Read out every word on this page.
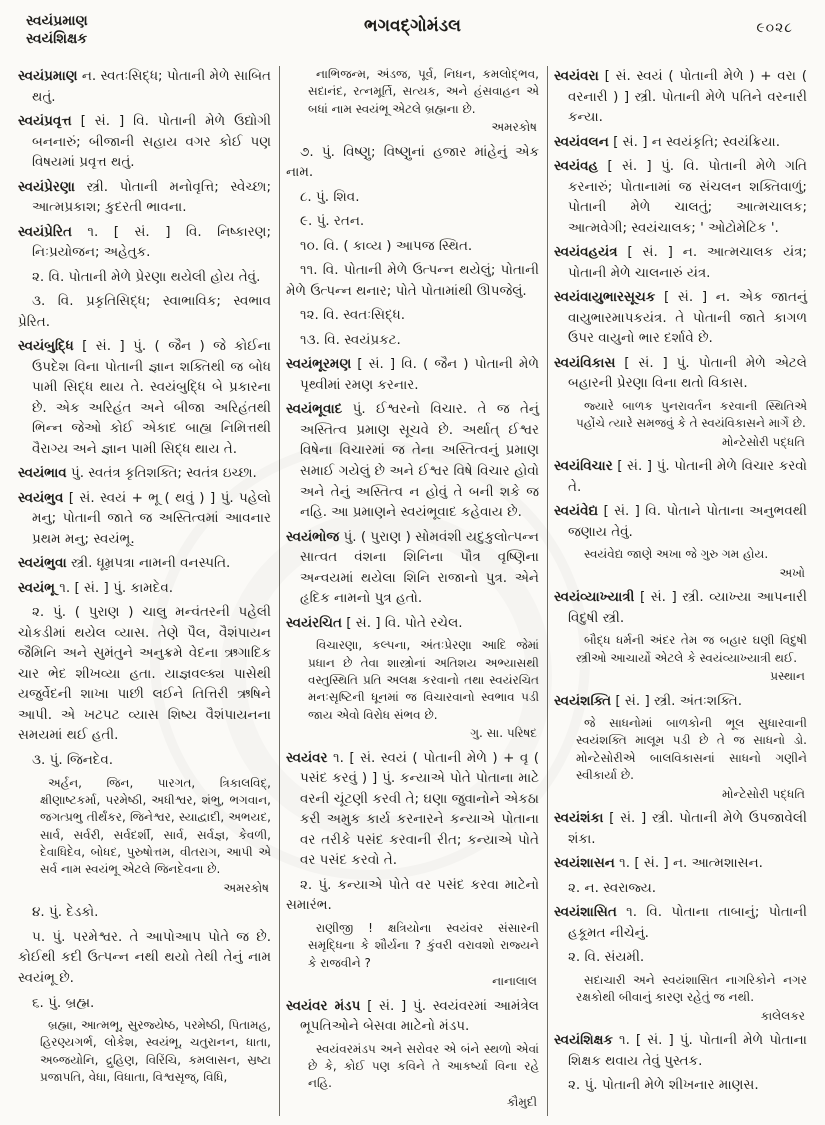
સ્વયંપ્રમાણ
સ્વયંશિક્ષક
ભગવદ્ગોમંડલ	૯૦૨૮

સ્વયંપ્રમાણ ન. સ્વતઃસિદ્ધ; પોતાની મેળે સાબિત થતું.

સ્વયંપ્રવૃત્ત [ સં. ] વિ. પોતાની મેળે ઉદ્યોગી બનનારું; બીજાની સહાય વગર કોઈ પણ વિષયમાં પ્રવૃત્ત થતું.

સ્વયંપ્રેરણા સ્ત્રી. પોતાની મનોવૃત્તિ; સ્વેચ્છા; આત્મપ્રકાશ; કુદરતી ભાવના.

સ્વયંપ્રેરિત ૧. [ સં. ] વિ. નિષ્કારણ; નિઃપ્રયોજન; અહેતુક.

૨. વિ. પોતાની મેળે પ્રેરણા થયેલી હોય તેવું.

૩. વિ. પ્રકૃતિસિદ્ધ; સ્વાભાવિક; સ્વભાવ પ્રેરિત.

સ્વયંબુદ્ધિ [ સં. ] પું. ( જૈન ) જે કોઈના ઉપદેશ વિના પોતાની જ્ઞાન શક્તિથી જ બોધ પામી સિદ્ધ થાય તે. સ્વયંબુદ્ધિ બે પ્રકારના છે. એક અરિહંત અને બીજા અરિહંતથી ભિન્ન જેઓ કોઈ એકાદ બાહ્ય નિમિત્તથી વૈરાગ્ય અને જ્ઞાન પામી સિદ્ધ થાય તે.

સ્વયંભાવ પું. સ્વતંત્ર કૃતિશક્તિ; સ્વતંત્ર ઇચ્છા.

સ્વયંભુવ [ સં. સ્વયં + ભૂ ( થવું ) ] પું. પહેલો મનુ; પોતાની જાતે જ અસ્તિત્વમાં આવનાર પ્રથમ મનુ; સ્વયંભૂ.

સ્વયંભુવા સ્ત્રી. ધૂમ્રપત્રા નામની વનસ્પતિ.

સ્વયંભૂ ૧. [ સં. ] પું. કામદેવ.

૨. પું. ( પુરાણ ) ચાલુ મન્વંતરની પહેલી ચોકડીમાં થયેલ વ્યાસ. તેણે પૈલ, વૈશંપાયન જૈમિનિ અને સુમંતુને અનુક્રમે વેદના ઋગાદિક ચાર ભેદ શીખવ્યા હતા. યાજ્ઞવલ્ક્ય પાસેથી યજુર્વેદની શાખા પાછી લઈને તિત્તિરી ઋષિને આપી. એ ખટપટ વ્યાસ શિષ્ય વૈશંપાયનના સમયમાં થઈ હતી.

૩. પું. જિનદેવ.

અર્હન, જિન, પારગત, ત્રિકાલવિદ્, ક્ષીણાષ્ટકર્મા, પરમેષ્ઠી, અધીશ્વર, શંભુ, ભગવાન, જગત્પ્રભુ તીર્થંકર, જિનેશ્વર, સ્યાદ્વાદી, અભયદ, સાર્વ, સર્વરી, સર્વદર્શી, સાર્વ, સર્વજ્ઞ, કેવળી, દેવાધિદેવ, બોધદ, પુરુષોત્તમ, વીતરાગ, આપી એ સર્વ નામ સ્વયંભૂ એટલે જિનદેવના છે.

અમરકોષ

૪. પું. દેડકો.

૫. પું. પરમેશ્વર. તે આપોઆપ પોતે જ છે. કોઈથી કદી ઉત્પન્ન નથી થયો તેથી તેનું નામ સ્વયંભૂ છે.

૬. પું. બ્રહ્મ.

બ્રહ્મા, આત્મભૂ, સુરજ્યેષ્ઠ, પરમેષ્ઠી, પિતામહ, હિરણ્યગર્ભ, લોકેશ, સ્વયંભૂ, ચતુરાનન, ધાતા, અબ્જયોનિ, દ્રુહિણ, વિરિંચિ, કમલાસન, સ્રષ્ટા પ્રજાપતિ, વેધા, વિધાતા, વિશ્વસૃજ્, વિધિ,

નાભિજન્મ, અંડજ, પૂર્વ, નિધન, કમલોદ્ભવ, સદાનંદ, રત્નમૂર્તિ, સત્યક, અને હંસવાહન એ બધાં નામ સ્વયંભૂ એટલે બ્રહ્મના છે.

અમરકોષ

૭. પું. વિષ્ણુ; વિષ્ણુનાં હજાર માંહેનું એક નામ.

૮. પું. શિવ.

૯. પું. રતન.

૧૦. વિ. ( કાવ્ય ) આપજ સ્થિત.

૧૧. વિ. પોતાની મેળે ઉત્પન્ન થયેલું; પોતાની મેળે ઉત્પન્ન થનાર; પોતે પોતામાંથી ઊપજેલું.

૧૨. વિ. સ્વતઃસિદ્ધ.

૧૩. વિ. સ્વયંપ્રકટ.

સ્વયંભૂરમણ [ સં. ] વિ. ( જૈન ) પોતાની મેળે પૃથ્વીમાં રમણ કરનાર.

સ્વયંભૂવાદ પું. ઈશ્વરનો વિચાર. તે જ તેનું અસ્તિત્વ પ્રમાણ સૂચવે છે. અર્થાત્ ઈશ્વર વિષેના વિચારમાં જ તેના અસ્તિત્વનું પ્રમાણ સમાઈ ગયેલું છે અને ઈશ્વર વિષે વિચાર હોવો અને તેનું અસ્તિત્વ ન હોવું તે બની શકે જ નહિ. આ પ્રમાણને સ્વયંભૂવાદ કહેવાય છે.

સ્વયંભોજ પું. ( પુરાણ ) સોમવંશી યદુકુલોત્પન્ન સાત્વત વંશના શિનિના પૌત્ર વૃષ્ણિના અન્વયમાં થયેલા શિનિ રાજાનો પુત્ર. એને હૃદિક નામનો પુત્ર હતો.

સ્વયંરચિત [ સં. ] વિ. પોતે રચેલ.

વિચારણા, કલ્પના, અંતઃપ્રેરણા આદિ જેમાં પ્રધાન છે તેવા શાસ્ત્રોનાં અતિશય અભ્યાસથી વસ્તુસ્થિતિ પ્રતિ અલક્ષ કરવાનો તથા સ્વયંરચિત મનઃસૃષ્ટિની ધૂનમાં જ વિચારવાનો સ્વભાવ પડી જાય એવો વિરોધ સંભવ છે.

ગુ. સા. પરિષદ

સ્વયંવર ૧. [ સં. સ્વયં ( પોતાની મેળે ) + વૃ ( પસંદ કરવું ) ] પું. કન્યાએ પોતે પોતાના માટે વરની ચૂંટણી કરવી તે; ઘણા જુવાનોને એકઠા કરી અમુક કાર્ય કરનારને કન્યાએ પોતાના વર તરીકે પસંદ કરવાની રીત; કન્યાએ પોતે વર પસંદ કરવો તે.

૨. પું. કન્યાએ પોતે વર પસંદ કરવા માટેનો સમારંભ.

રાણીજી ! ક્ષત્રિયોના સ્વયંવર સંસારની સમૃદ્ધિના કે શૌર્યના ? કુંવરી વરાવશો રાજ્યને કે રાજવીને ?

નાનાલાલ

સ્વયંવર મંડપ [ સં. ] પું. સ્વયંવરમાં આમંત્રેલ ભૂપતિઓને બેસવા માટેનો મંડપ.

સ્વયંવરમંડપ અને સરોવર એ બંને સ્થળો એવાં છે કે, કોઈ પણ કવિને તે આકર્ષ્યા વિના રહે નહિ.

કૌમુદી

સ્વયંવરા [ સં. સ્વયં ( પોતાની મેળે ) + વરા ( વરનારી ) ] સ્ત્રી. પોતાની મેળે પતિને વરનારી કન્યા.

સ્વયંવલન [ સં. ] ન સ્વયંકૃતિ; સ્વયંક્રિયા.

સ્વયંવહ [ સં. ] પું. વિ. પોતાની મેળે ગતિ કરનારું; પોતાનામાં જ સંચલન શક્તિવાળું; પોતાની મેળે ચાલતું; આત્મચાલક; આત્મવેગી; સ્વયંચાલક; ' ઓટોમેટિક '.

સ્વયંવહયંત્ર [ સં. ] ન. આત્મચાલક યંત્ર; પોતાની મેળે ચાલનારું યંત્ર.

સ્વયંવાયુભારસૂચક [ સં. ] ન. એક જાતનું વાયુભારમાપકયંત્ર. તે પોતાની જાતે કાગળ ઉપર વાયુનો ભાર દર્શાવે છે.

સ્વયંવિકાસ [ સં. ] પું. પોતાની મેળે એટલે બહારની પ્રેરણા વિના થતો વિકાસ.

જ્યારે બાળક પુનરાવર્તન કરવાની સ્થિતિએ પહોંચે ત્યારે સમજવું કે તે સ્વયંવિકાસને માર્ગે છે.

મોન્ટેસોરી પદ્ધતિ

સ્વયંવિચાર [ સં. ] પું. પોતાની મેળે વિચાર કરવો તે.

સ્વયંવેદ્ય [ સં. ] વિ. પોતાને પોતાના અનુભવથી જણાય તેવું.

સ્વયંવેદ્ય જાણે અખા જે ગુરુ ગમ હોય.

અખો

સ્વયંવ્યાખ્યાત્રી [ સં. ] સ્ત્રી. વ્યાખ્યા આપનારી વિદુષી સ્ત્રી.

બૌદ્ધ ધર્મની અંદર તેમ જ બહાર ઘણી વિદુષી સ્ત્રીઓ આચાર્યો એટલે કે સ્વયંવ્યાખ્યાત્રી થઈ.

પ્રસ્થાન

સ્વયંશક્તિ [ સં. ] સ્ત્રી. અંતઃશક્તિ.

જે સાધનોમાં બાળકોની ભૂલ સુધારવાની સ્વયંશક્તિ માલૂમ પડી છે તે જ સાધનો ડો. મોન્ટેસોરીએ બાલવિકાસનાં સાધનો ગણીને સ્વીકાર્યા છે.

મોન્ટેસોરી પદ્ધતિ

સ્વયંશંકા [ સં. ] સ્ત્રી. પોતાની મેળે ઉપજાવેલી શંકા.

સ્વયંશાસન ૧. [ સં. ] ન. આત્મશાસન.

૨. ન. સ્વરાજ્ય.

સ્વયંશાસિત ૧. વિ. પોતાના તાબાનું; પોતાની હકૂમત નીચેનું.

૨. વિ. સંયમી.

સદાચારી અને સ્વયંશાસિત નાગરિકોને નગર રક્ષકોથી બીવાનું કારણ રહેતું જ નથી.

કાલેલકર

સ્વયંશિક્ષક ૧. [ સં. ] પું. પોતાની મેળે પોતાના શિક્ષક થવાય તેવું પુસ્તક.

૨. પું. પોતાની મેળે શીખનાર માણસ.
